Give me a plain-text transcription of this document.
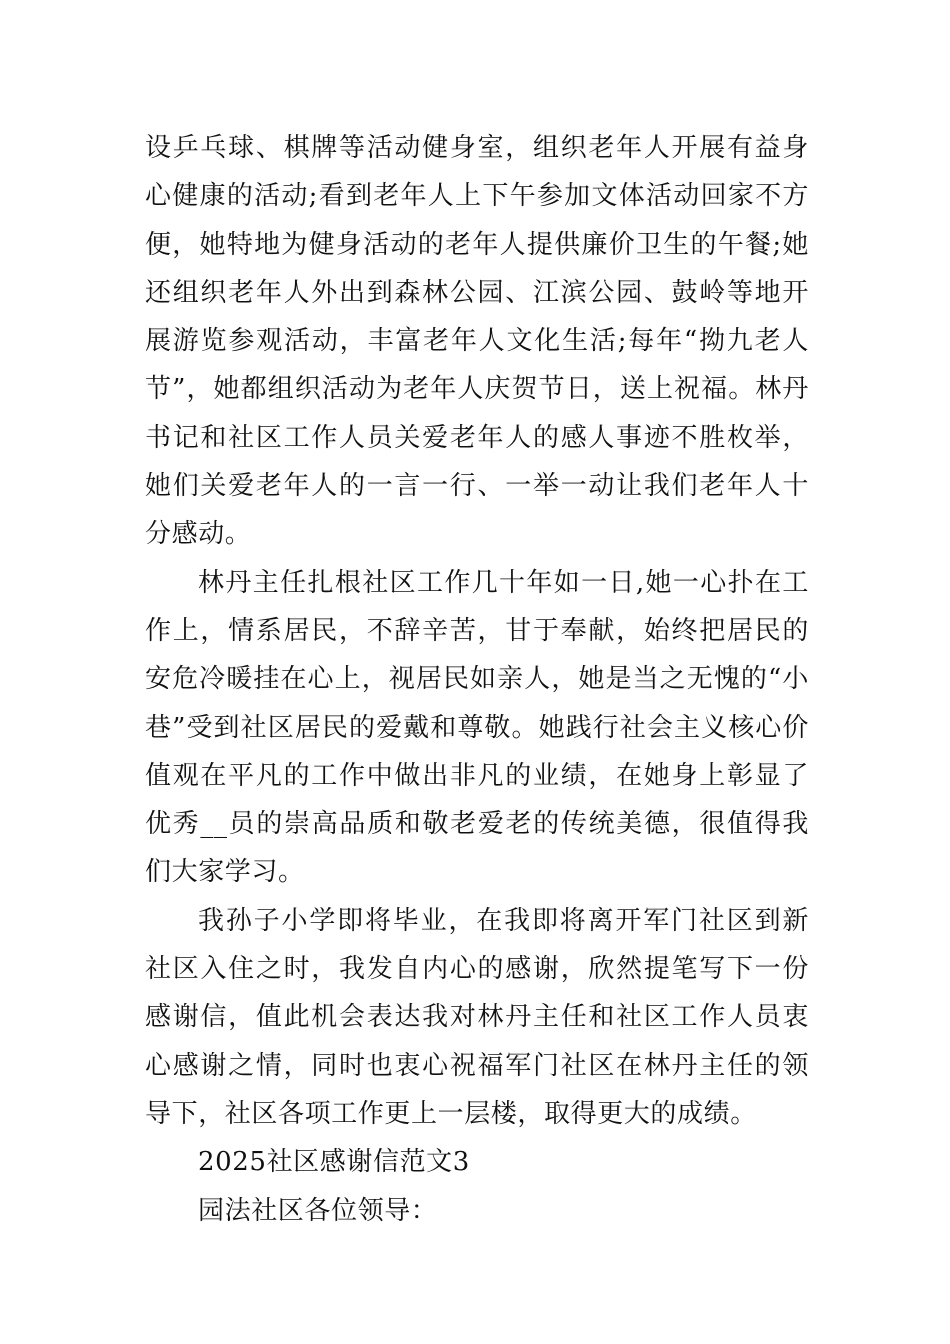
设乒乓球、棋牌等活动健身室，组织老年人开展有益身心健康的活动;看到老年人上下午参加文体活动回家不方便，她特地为健身活动的老年人提供廉价卫生的午餐;她还组织老年人外出到森林公园、江滨公园、鼓岭等地开展游览参观活动，丰富老年人文化生活;每年“拗九老人节”，她都组织活动为老年人庆贺节日，送上祝福。林丹书记和社区工作人员关爱老年人的感人事迹不胜枚举，她们关爱老年人的一言一行、一举一动让我们老年人十分感动。

林丹主任扎根社区工作几十年如一日,她一心扑在工作上，情系居民，不辞辛苦，甘于奉献，始终把居民的安危冷暖挂在心上，视居民如亲人，她是当之无愧的“小巷”受到社区居民的爱戴和尊敬。她践行社会主义核心价值观在平凡的工作中做出非凡的业绩，在她身上彰显了优秀__员的崇高品质和敬老爱老的传统美德，很值得我们大家学习。

我孙子小学即将毕业，在我即将离开军门社区到新社区入住之时，我发自内心的感谢，欣然提笔写下一份感谢信，值此机会表达我对林丹主任和社区工作人员衷心感谢之情，同时也衷心祝福军门社区在林丹主任的领导下，社区各项工作更上一层楼，取得更大的成绩。

2025社区感谢信范文3

园法社区各位领导：
